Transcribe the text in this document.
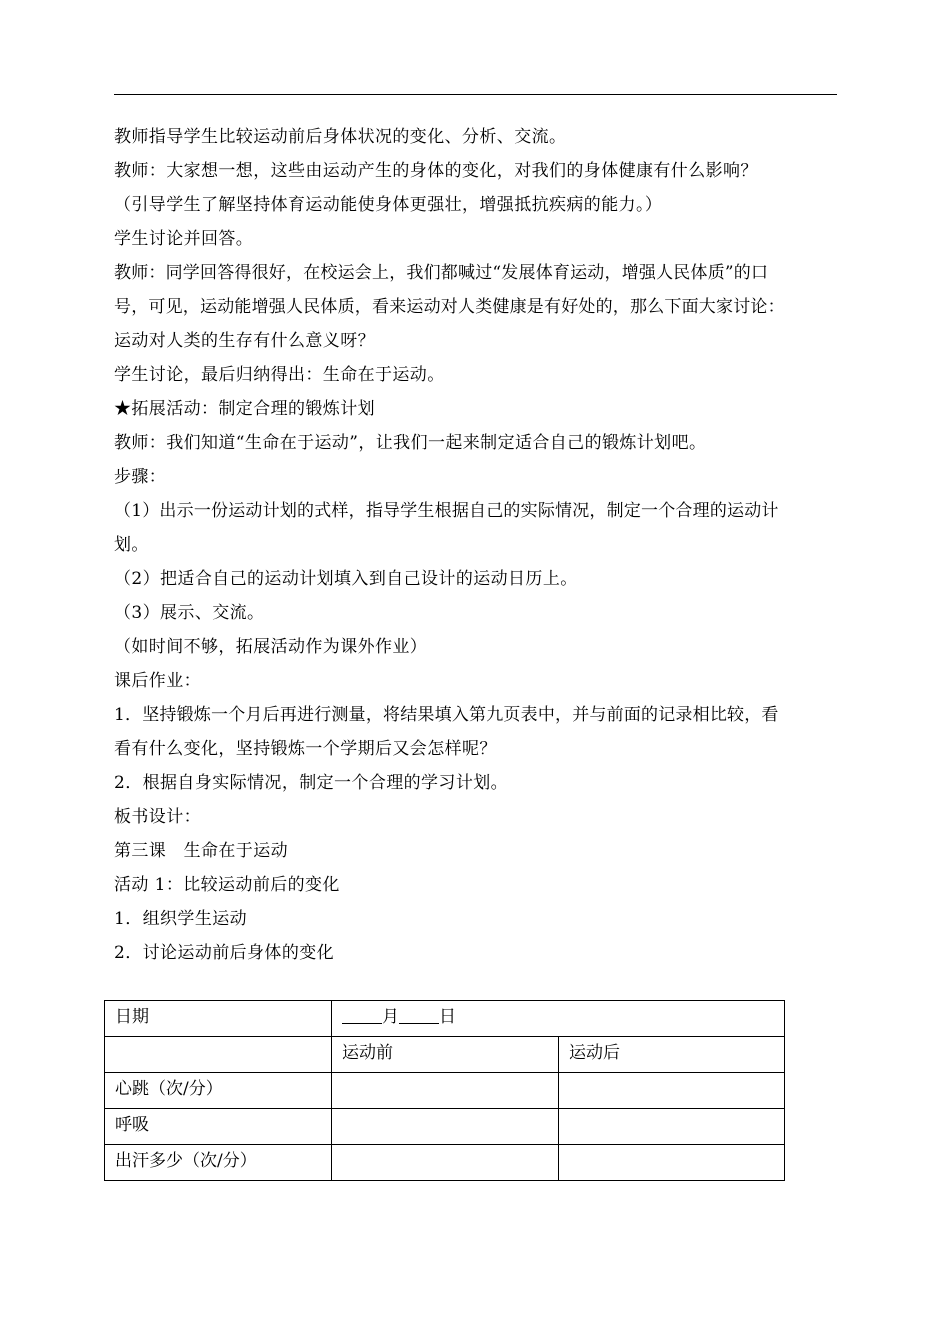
教师指导学生比较运动前后身体状况的变化、分析、交流。
教师：大家想一想，这些由运动产生的身体的变化，对我们的身体健康有什么影响？
（引导学生了解坚持体育运动能使身体更强壮，增强抵抗疾病的能力。）
学生讨论并回答。
教师：同学回答得很好，在校运会上，我们都喊过“发展体育运动，增强人民体质”的口
号，可见，运动能增强人民体质，看来运动对人类健康是有好处的，那么下面大家讨论：
运动对人类的生存有什么意义呀？
学生讨论，最后归纳得出：生命在于运动。
★拓展活动：制定合理的锻炼计划
教师：我们知道“生命在于运动”，让我们一起来制定适合自己的锻炼计划吧。
步骤：
（1）出示一份运动计划的式样，指导学生根据自己的实际情况，制定一个合理的运动计
划。
（2）把适合自己的运动计划填入到自己设计的运动日历上。
（3）展示、交流。
（如时间不够，拓展活动作为课外作业）
课后作业：
1．坚持锻炼一个月后再进行测量，将结果填入第九页表中，并与前面的记录相比较，看
看有什么变化，坚持锻炼一个学期后又会怎样呢？
2．根据自身实际情况，制定一个合理的学习计划。
板书设计：
第三课　生命在于运动
活动 1：比较运动前后的变化
1．组织学生运动
2．讨论运动前后身体的变化
日期	月 日	
	运动前	运动后
心跳（次/分）		
呼吸		
出汗多少（次/分）		
